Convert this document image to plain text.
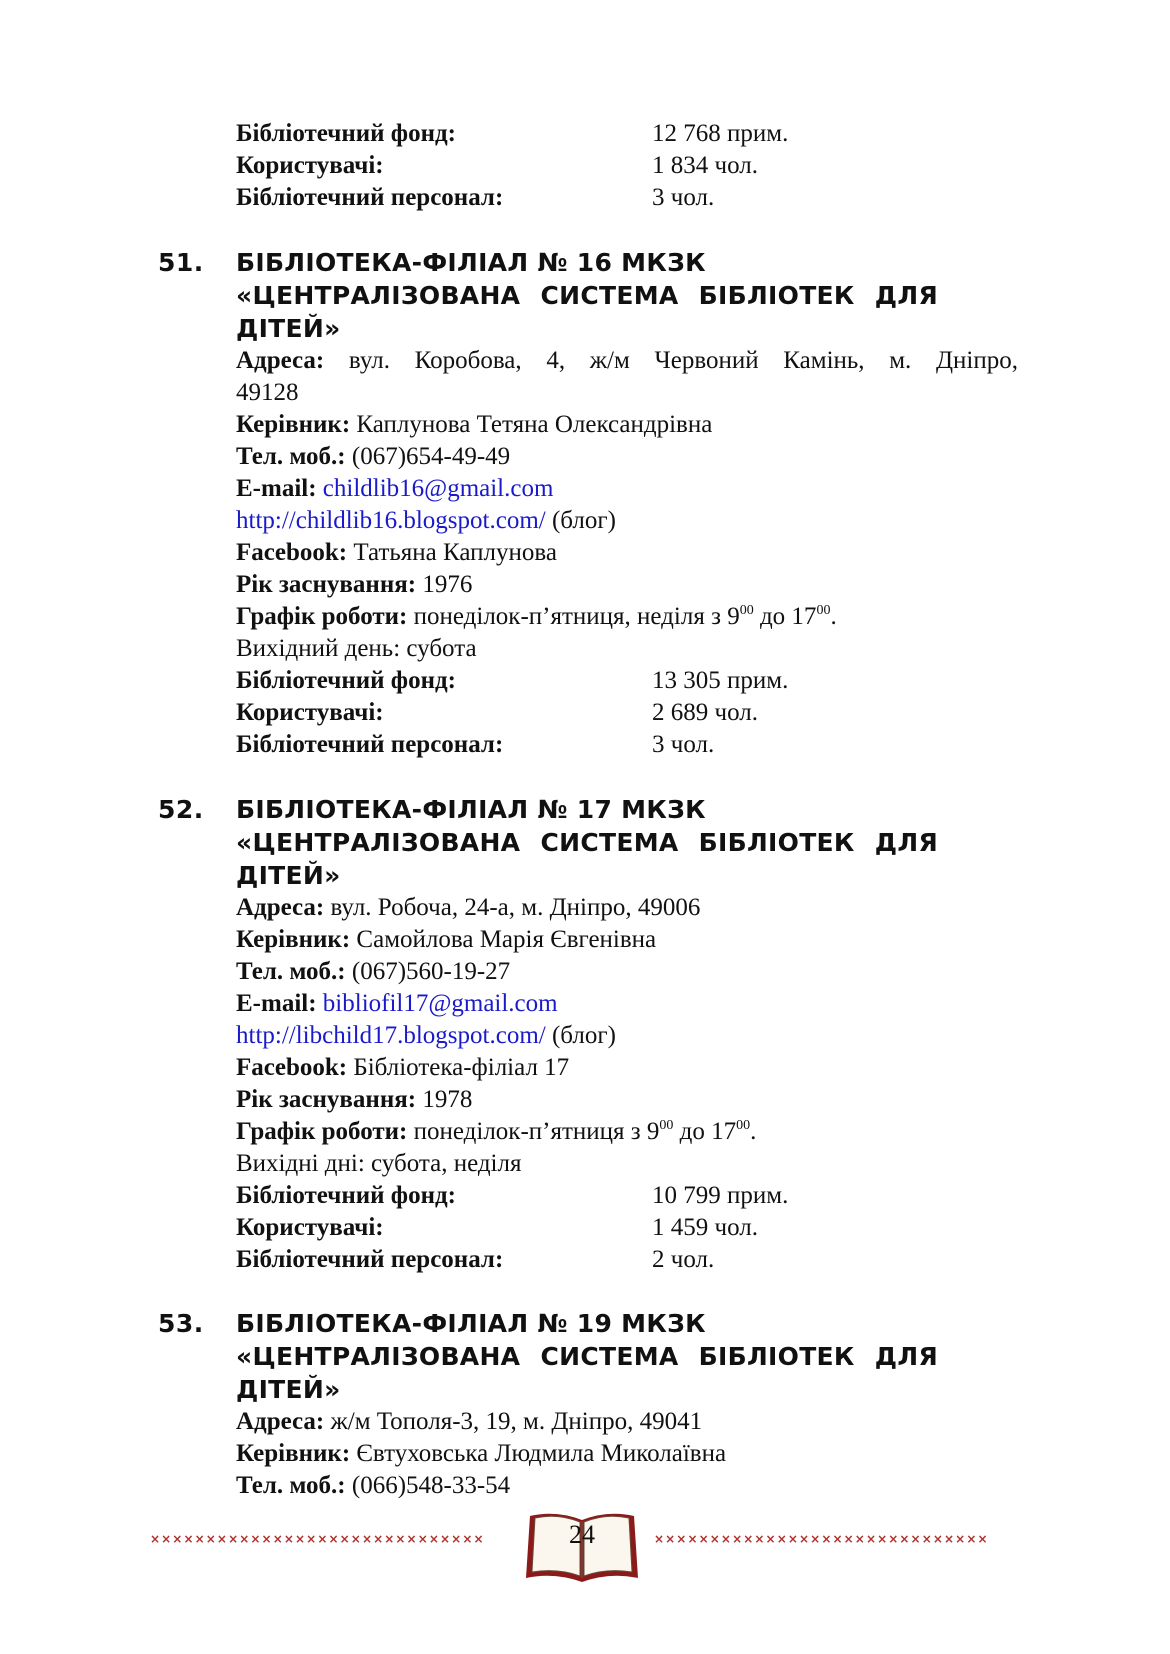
Бібліотечний фонд:	12 768 прим.
Користувачі:	1 834 чол.
Бібліотечний персонал:	3 чол.
51. БІБЛІОТЕКА-ФІЛІАЛ № 16 МКЗК
«ЦЕНТРАЛІЗОВАНА СИСТЕМА БІБЛІОТЕК ДЛЯ
ДІТЕЙ»
Адреса: вул. Коробова, 4, ж/м Червоний Камінь, м. Дніпро,
49128
Керівник: Каплунова Тетяна Олександрівна
Тел. моб.: (067)654-49-49
E-mail: childlib16@gmail.com
http://childlib16.blogspot.com/ (блог)
Facebook: Татьяна Каплунова
Рік заснування: 1976
Графік роботи: понеділок-п’ятниця, неділя з $9^{00}$ до $17^{00}$.
Вихідний день: субота
Бібліотечний фонд:	13 305 прим.
Користувачі:	2 689 чол.
Бібліотечний персонал:	3 чол.
52. БІБЛІОТЕКА-ФІЛІАЛ № 17 МКЗК
«ЦЕНТРАЛІЗОВАНА СИСТЕМА БІБЛІОТЕК ДЛЯ
ДІТЕЙ»
Адреса: вул. Робоча, 24-а, м. Дніпро, 49006
Керівник: Самойлова Марія Євгенівна
Тел. моб.: (067)560-19-27
E-mail: bibliofil17@gmail.com
http://libchild17.blogspot.com/ (блог)
Facebook: Бібліотека-філіал 17
Рік заснування: 1978
Графік роботи: понеділок-п’ятниця з $9^{00}$ до $17^{00}$.
Вихідні дні: субота, неділя
Бібліотечний фонд:	10 799 прим.
Користувачі:	1 459 чол.
Бібліотечний персонал:	2 чол.
53. БІБЛІОТЕКА-ФІЛІАЛ № 19 МКЗК
«ЦЕНТРАЛІЗОВАНА СИСТЕМА БІБЛІОТЕК ДЛЯ
ДІТЕЙ»
Адреса: ж/м Тополя-3, 19, м. Дніпро, 49041
Керівник: Євтуховська Людмила Миколаївна
Тел. моб.: (066)548-33-54
××××××××××××××××××××××××××××××	24	××××××××××××××××××××××××××××××
